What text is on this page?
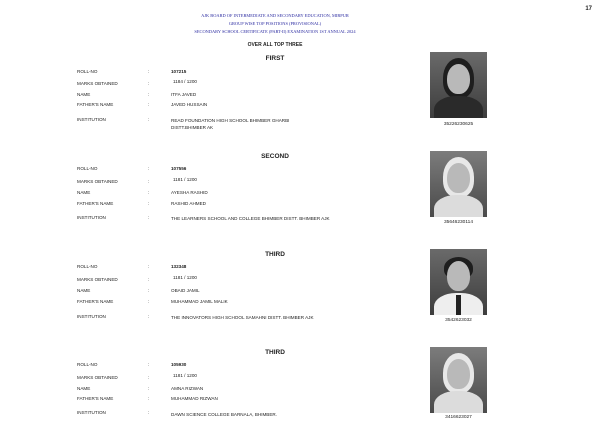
17
AJK BOARD OF INTERMEDIATE AND SECONDARY EDUCATION, MIRPUR
GROUP WISE TOP POSITIONS (PROVISIONAL)
SECONDARY SCHOOL CERTIFICATE (PART-II) EXAMINATION 1ST ANNUAL 2024
OVER ALL TOP THREE
FIRST
ROLL-NO	:	107215
MARKS OBTAINED	:	1184 / 1200
NAME	:	ITFA JAVED
FATHER'S NAME	:	JAVED HUSSAIN
INSTITUTION	:	READ FOUNDATION HIGH SCHOOL BHIMBER GHARBI DISTT.BHIMBER AK
35226230625
SECOND
ROLL-NO	:	107556
MARKS OBTAINED	:	1181 / 1200
NAME	:	AYESHA RASHID
FATHER'S NAME	:	RASHID AHMED
INSTITUTION	:	THE LEARNERS SCHOOL AND COLLEGE BHIMBER DISTT. BHIMBER AJK
35646230114
THIRD
ROLL-NO	:	132348
MARKS OBTAINED	:	1181 / 1200
NAME	:	OBAID JAMIL
FATHER'S NAME	:	MUHAMMAD JAMIL MALIK
INSTITUTION	:	THE INNOVATORS HIGH SCHOOL SAMAHNI DISTT. BHIMBER AJK
3542623032
THIRD
ROLL-NO	:	105930
MARKS OBTAINED	:	1181 / 1200
NAME	:	AMNA RIZWAN
FATHER'S NAME	:	MUHAMMAD RIZWAN
INSTITUTION	:	DAWN SCIENCE COLLEGE BARNALA, BHIMBER.
3416623027
